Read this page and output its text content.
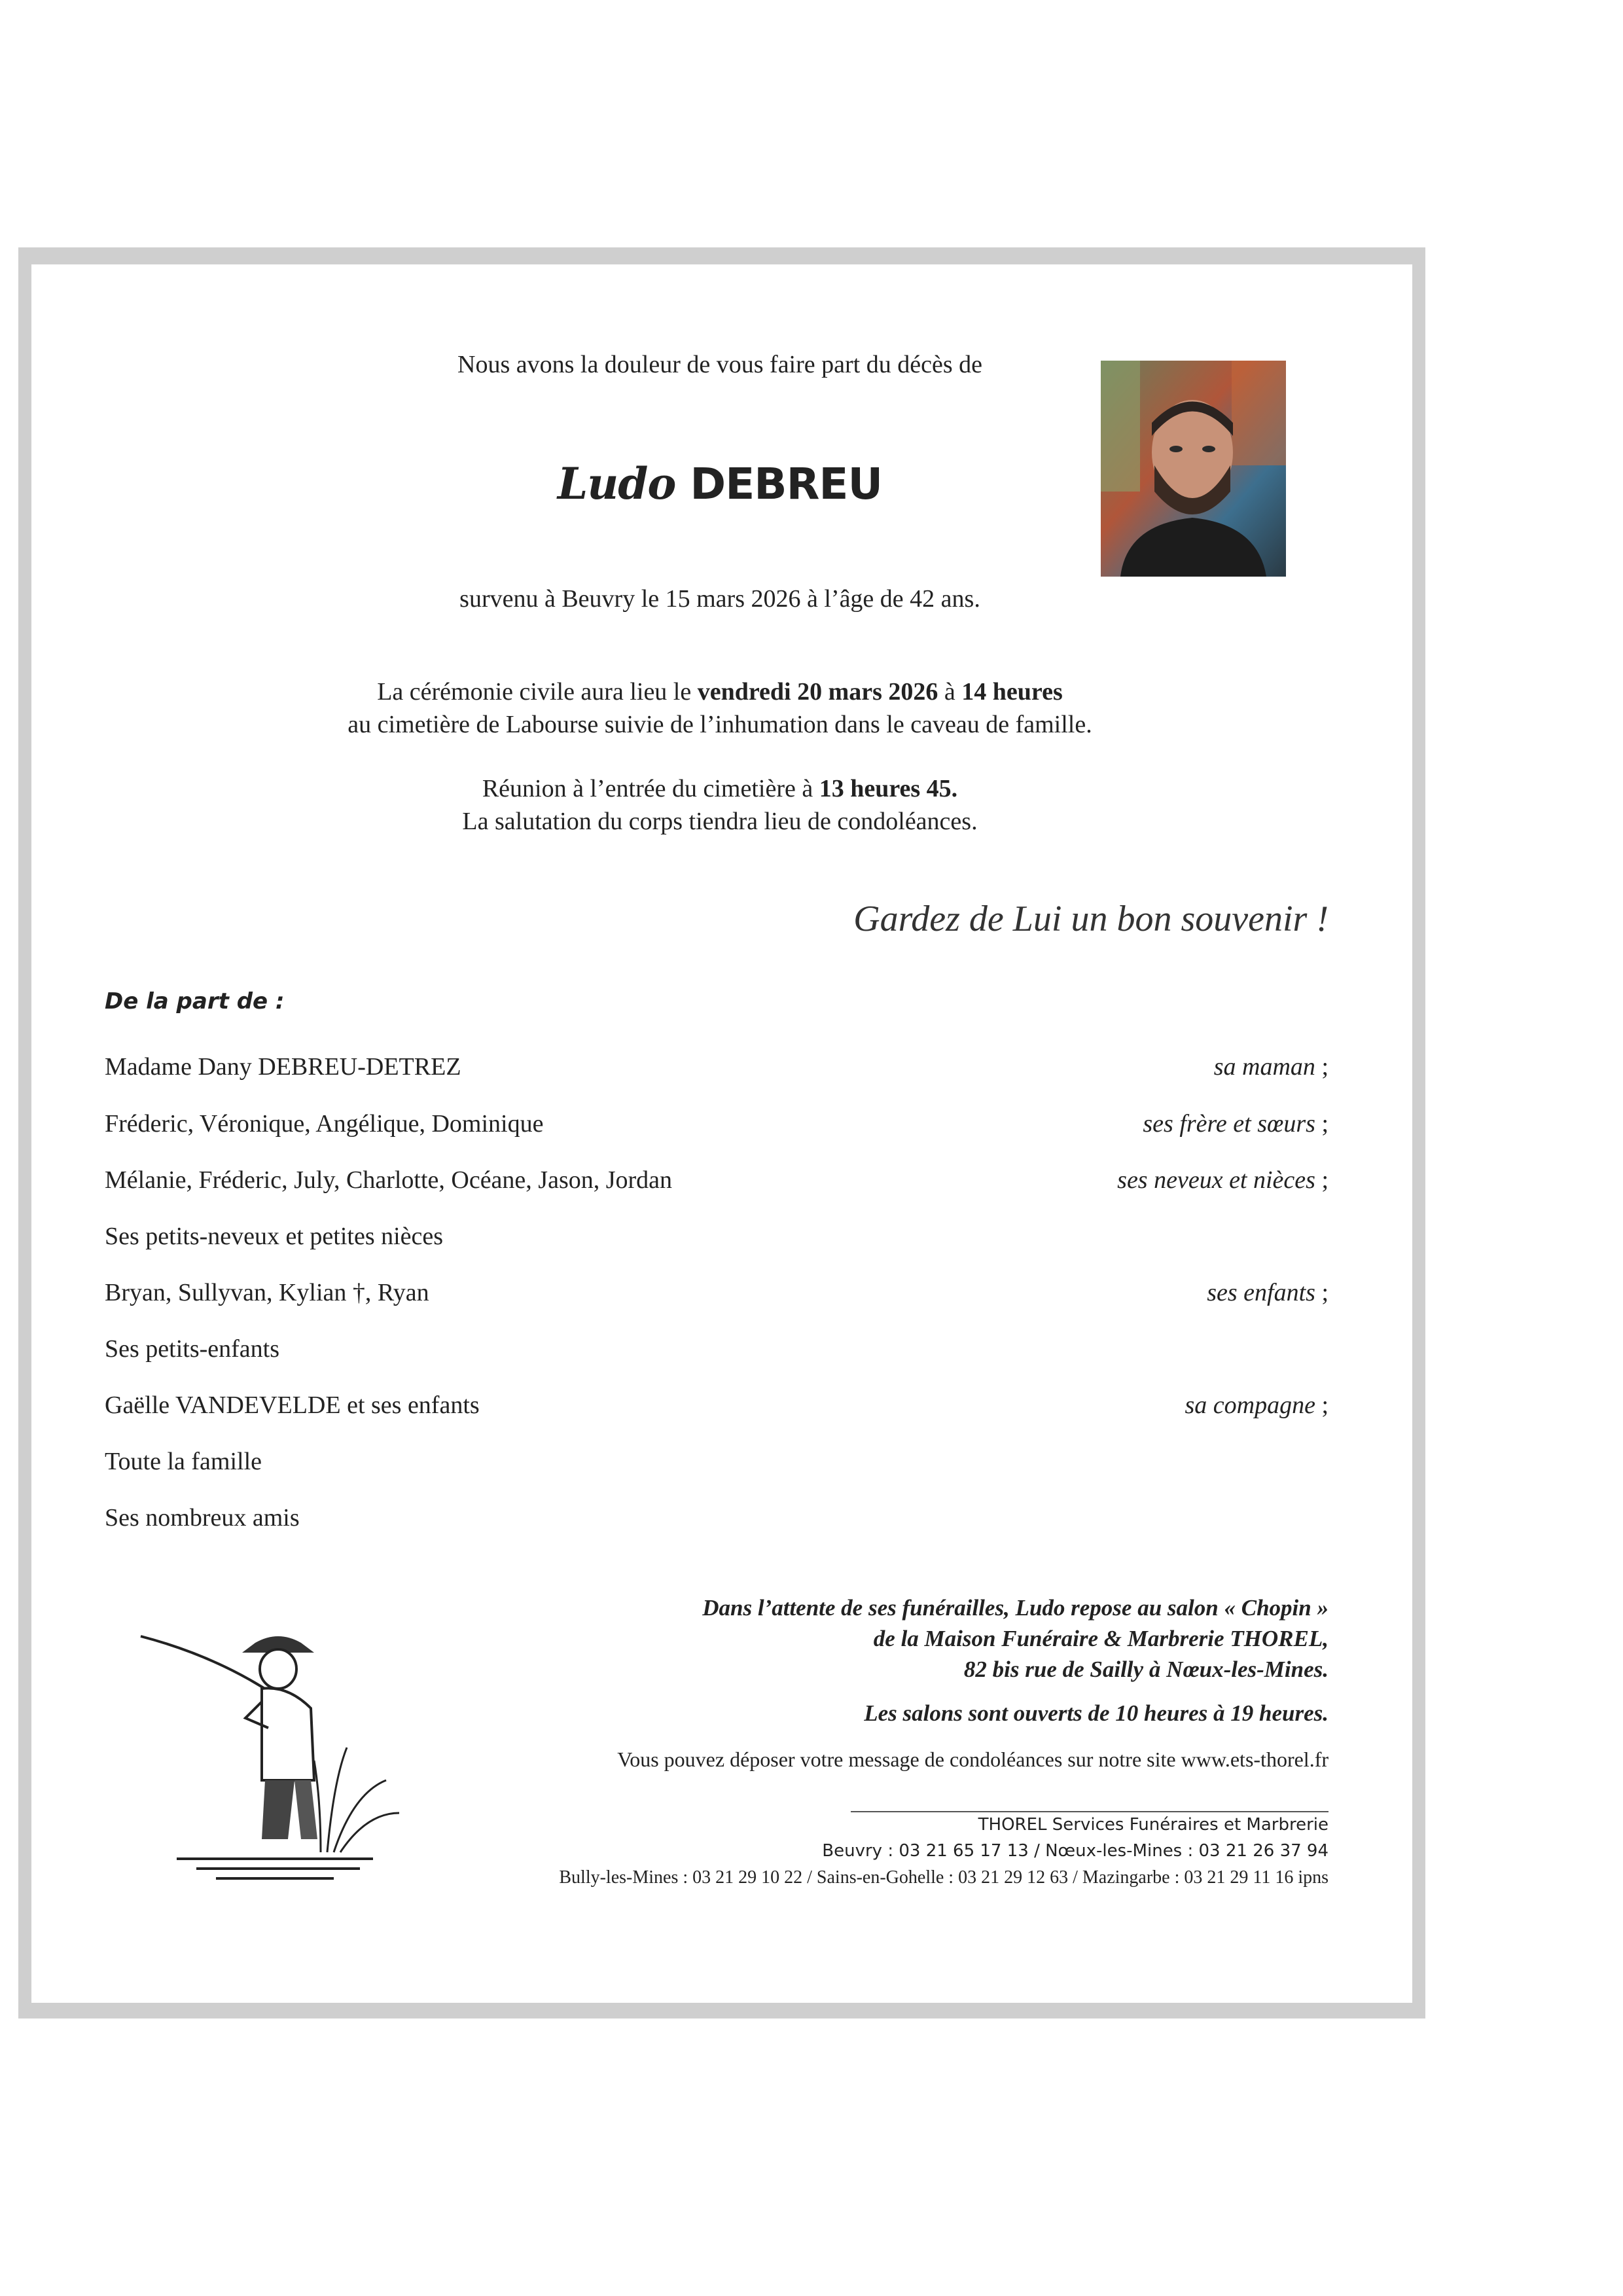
Nous avons la douleur de vous faire part du décès de
Ludo DEBREU
survenu à Beuvry le 15 mars 2026 à l’âge de 42 ans.
La cérémonie civile aura lieu le vendredi 20 mars 2026 à 14 heures
au cimetière de Labourse suivie de l’inhumation dans le caveau de famille.
Réunion à l’entrée du cimetière à 13 heures 45.
La salutation du corps tiendra lieu de condoléances.
Gardez de Lui un bon souvenir !
De la part de :
Madame Dany DEBREU-DETREZ	sa maman ;
Fréderic, Véronique, Angélique, Dominique	ses frère et sœurs ;
Mélanie, Fréderic, July, Charlotte, Océane, Jason, Jordan	ses neveux et nièces ;
Ses petits-neveux et petites nièces
Bryan, Sullyvan, Kylian †, Ryan	ses enfants ;
Ses petits-enfants
Gaëlle VANDEVELDE et ses enfants	sa compagne ;
Toute la famille
Ses nombreux amis
Dans l’attente de ses funérailles, Ludo repose au salon « Chopin »
de la Maison Funéraire & Marbrerie THOREL,
82 bis rue de Sailly à Nœux-les-Mines.
Les salons sont ouverts de 10 heures à 19 heures.
Vous pouvez déposer votre message de condoléances sur notre site www.ets-thorel.fr
THOREL Services Funéraires et Marbrerie
Beuvry : 03 21 65 17 13 / Nœux-les-Mines : 03 21 26 37 94
Bully-les-Mines : 03 21 29 10 22 / Sains-en-Gohelle : 03 21 29 12 63 / Mazingarbe : 03 21 29 11 16 ipns
